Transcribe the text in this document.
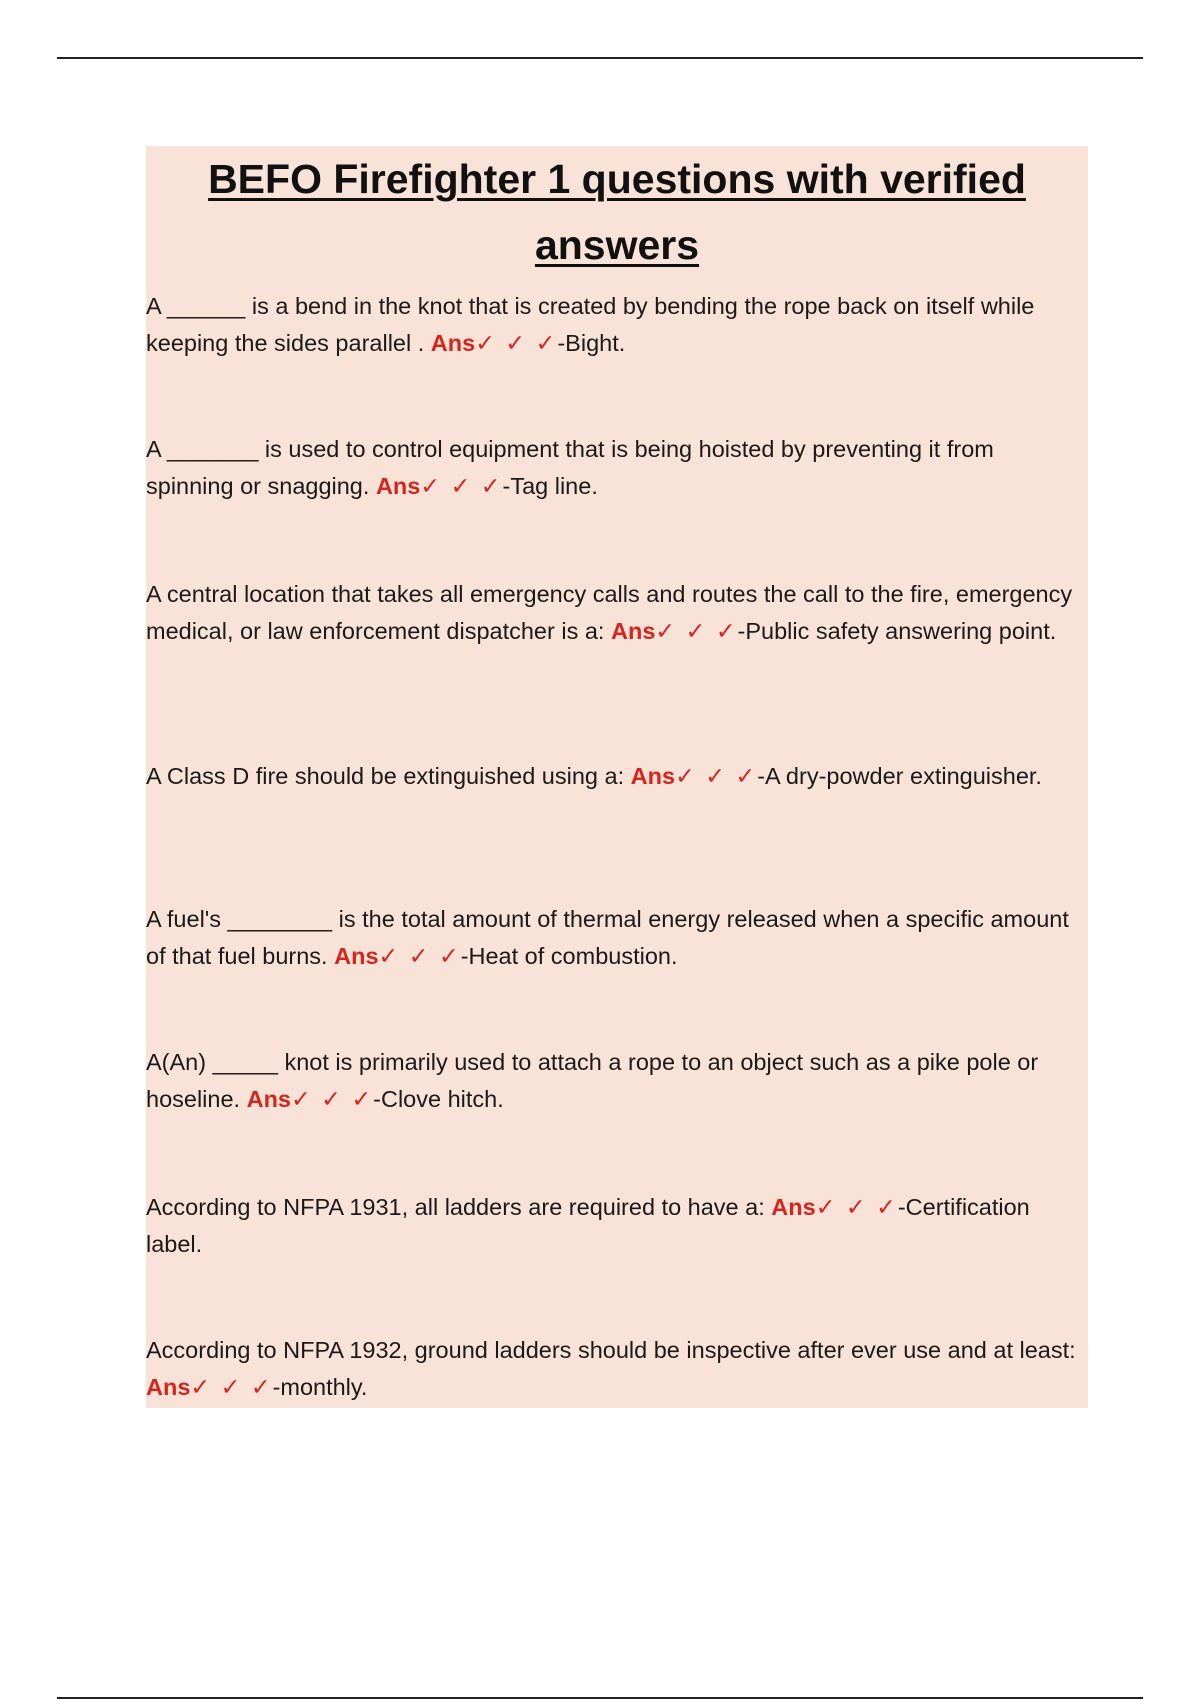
BEFO Firefighter 1 questions with verified answers
A ______ is a bend in the knot that is created by bending the rope back on itself while keeping the sides parallel . Ans✓ ✓ ✓-Bight.
A _______ is used to control equipment that is being hoisted by preventing it from spinning or snagging. Ans✓ ✓ ✓-Tag line.
A central location that takes all emergency calls and routes the call to the fire, emergency medical, or law enforcement dispatcher is a: Ans✓ ✓ ✓-Public safety answering point.
A Class D fire should be extinguished using a: Ans✓ ✓ ✓-A dry-powder extinguisher.
A fuel's ________ is the total amount of thermal energy released when a specific amount of that fuel burns. Ans✓ ✓ ✓-Heat of combustion.
A(An) _____ knot is primarily used to attach a rope to an object such as a pike pole or hoseline. Ans✓ ✓ ✓-Clove hitch.
According to NFPA 1931, all ladders are required to have a: Ans✓ ✓ ✓-Certification label.
According to NFPA 1932, ground ladders should be inspective after ever use and at least: Ans✓ ✓ ✓-monthly.
